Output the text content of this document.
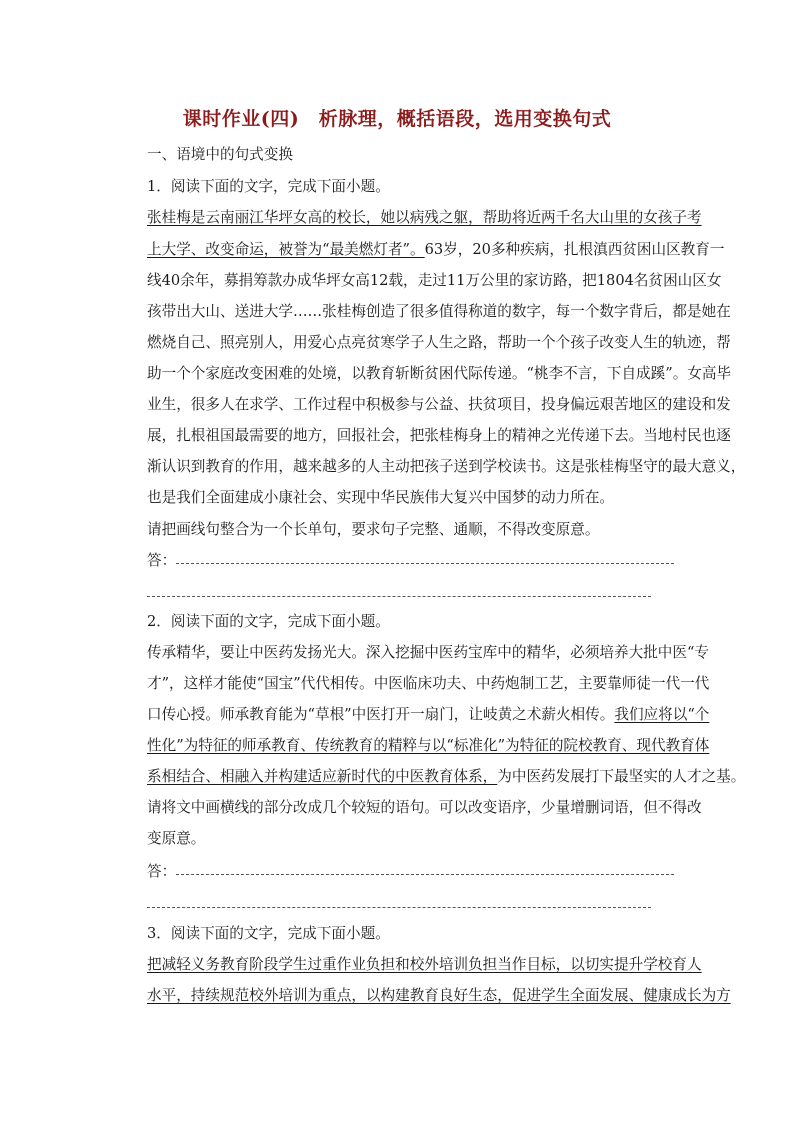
课时作业(四)　析脉理，概括语段，选用变换句式
一、语境中的句式变换
1．阅读下面的文字，完成下面小题。
张桂梅是云南丽江华坪女高的校长，她以病残之躯，帮助将近两千名大山里的女孩子考
上大学、改变命运，被誉为“最美燃灯者”。63岁，20多种疾病，扎根滇西贫困山区教育一
线40余年，募捐筹款办成华坪女高12载，走过11万公里的家访路，把1804名贫困山区女
孩带出大山、送进大学……张桂梅创造了很多值得称道的数字，每一个数字背后，都是她在
燃烧自己、照亮别人，用爱心点亮贫寒学子人生之路，帮助一个个孩子改变人生的轨迹，帮
助一个个家庭改变困难的处境，以教育斩断贫困代际传递。“桃李不言，下自成蹊”。女高毕
业生，很多人在求学、工作过程中积极参与公益、扶贫项目，投身偏远艰苦地区的建设和发
展，扎根祖国最需要的地方，回报社会，把张桂梅身上的精神之光传递下去。当地村民也逐
渐认识到教育的作用，越来越多的人主动把孩子送到学校读书。这是张桂梅坚守的最大意义，
也是我们全面建成小康社会、实现中华民族伟大复兴中国梦的动力所在。
请把画线句整合为一个长单句，要求句子完整、通顺，不得改变原意。
答：
2．阅读下面的文字，完成下面小题。
传承精华，要让中医药发扬光大。深入挖掘中医药宝库中的精华，必须培养大批中医“专
才”，这样才能使“国宝”代代相传。中医临床功夫、中药炮制工艺，主要靠师徒一代一代
口传心授。师承教育能为“草根”中医打开一扇门，让岐黄之术薪火相传。我们应将以“个
性化”为特征的师承教育、传统教育的精粹与以“标准化”为特征的院校教育、现代教育体
系相结合、相融入并构建适应新时代的中医教育体系，为中医药发展打下最坚实的人才之基。
请将文中画横线的部分改成几个较短的语句。可以改变语序，少量增删词语，但不得改
变原意。
答：
3．阅读下面的文字，完成下面小题。
把减轻义务教育阶段学生过重作业负担和校外培训负担当作目标，以切实提升学校育人
水平，持续规范校外培训为重点，以构建教育良好生态，促进学生全面发展、健康成长为方
